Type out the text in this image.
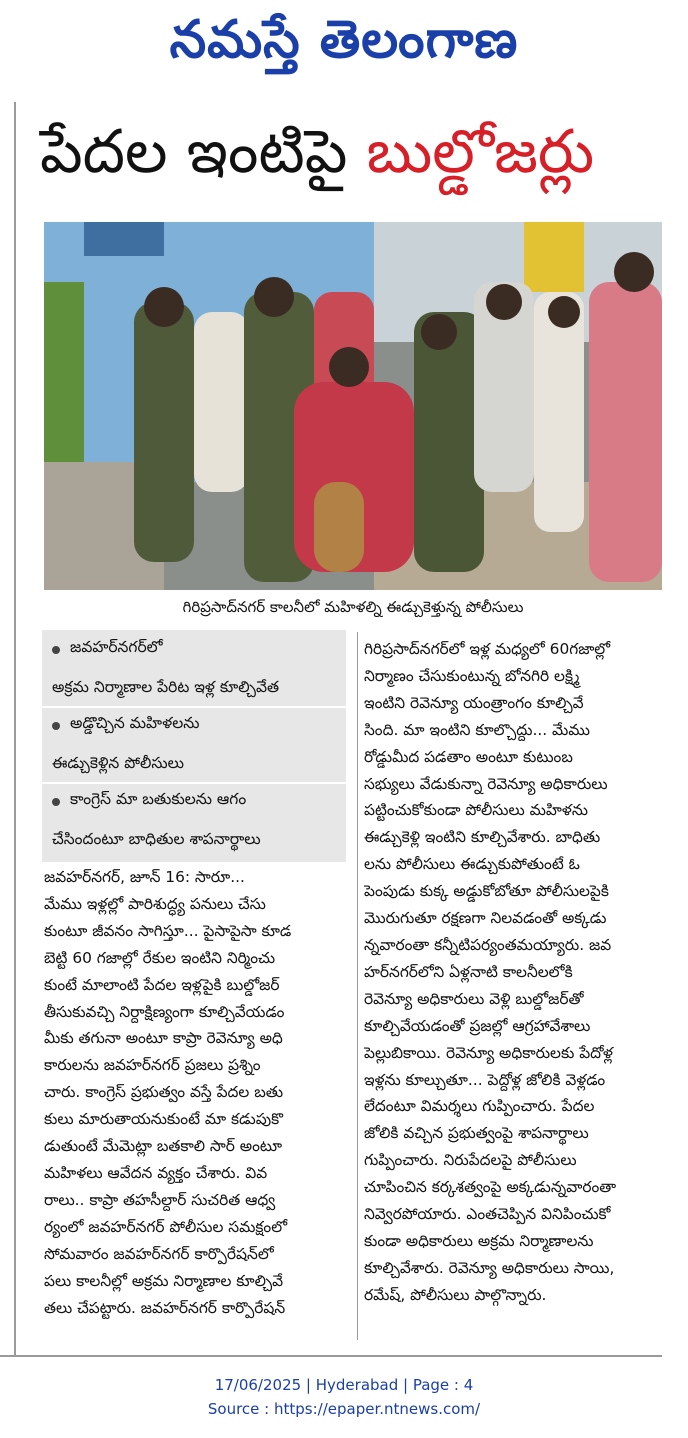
నమస్తే తెలంగాణ
పేదల ఇంటిపై బుల్డోజర్లు
గిరిప్రసాద్‌నగర్ కాలనీలో మహిళల్ని ఈడ్చుకెళ్తున్న పోలీసులు
జవహర్‌నగర్‌లో
అక్రమ నిర్మాణాల పేరిట ఇళ్ల కూల్చివేత
అడ్డొచ్చిన మహిళలను
ఈడ్చుకెళ్లిన పోలీసులు
కాంగ్రెస్ మా బతుకులను ఆగం
చేసిందంటూ బాధితుల శాపనార్థాలు

జవహర్‌నగర్, జూన్ 16: సారూ...

మేము ఇళ్లల్లో పారిశుద్ధ్య పనులు చేసు

కుంటూ జీవనం సాగిస్తూ... పైసాపైసా కూడ

బెట్టి 60 గజాల్లో రేకుల ఇంటిని నిర్మించు

కుంటే మాలాంటి పేదల ఇళ్లపైకి బుల్డోజర్

తీసుకువచ్చి నిర్దాక్షిణ్యంగా కూల్చివేయడం

మీకు తగునా అంటూ కాప్రా రెవెన్యూ అధి

కారులను జవహర్‌నగర్ ప్రజలు ప్రశ్నిం

చారు. కాంగ్రెస్ ప్రభుత్వం వస్తే పేదల బతు

కులు మారుతాయనుకుంటే మా కడుపుకొ

డుతుంటే మేమెట్లా బతకాలి సార్ అంటూ

మహిళలు ఆవేదన వ్యక్తం చేశారు. వివ

రాలు.. కాప్రా తహసీల్దార్ సుచరిత ఆధ్వ

ర్యంలో జవహర్‌నగర్ పోలీసుల సమక్షంలో

సోమవారం జవహర్‌నగర్ కార్పొరేషన్‌లో

పలు కాలనీల్లో అక్రమ నిర్మాణాల కూల్చివే

తలు చేపట్టారు. జవహర్‌నగర్ కార్పొరేషన్

గిరిప్రసాద్‌నగర్‌లో ఇళ్ల మధ్యలో 60గజాల్లో

నిర్మాణం చేసుకుంటున్న బోనగిరి లక్ష్మి

ఇంటిని రెవెన్యూ యంత్రాంగం కూల్చివే

సింది. మా ఇంటిని కూల్చొద్దు... మేము

రోడ్డుమీద పడతాం అంటూ కుటుంబ

సభ్యులు వేడుకున్నా రెవెన్యూ అధికారులు

పట్టించుకోకుండా పోలీసులు మహిళను

ఈడ్చుకెళ్లి ఇంటిని కూల్చివేశారు. బాధితు

లను పోలీసులు ఈడ్చుకుపోతుంటే ఓ

పెంపుడు కుక్క అడ్డుకోబోతూ పోలీసులపైకి

మొరుగుతూ రక్షణగా నిలవడంతో అక్కడు

న్నవారంతా కన్నీటిపర్యంతమయ్యారు. జవ

హర్‌నగర్‌లోని ఏళ్లనాటి కాలనీలలోకి

రెవెన్యూ అధికారులు వెళ్లి బుల్డోజర్‌తో

కూల్చివేయడంతో ప్రజల్లో ఆగ్రహావేశాలు

పెల్లుబికాయి. రెవెన్యూ అధికారులకు పేదోళ్ల

ఇళ్లను కూల్చుతూ... పెద్దోళ్ల జోలికి వెళ్లడం

లేదంటూ విమర్శలు గుప్పించారు. పేదల

జోలికి వచ్చిన ప్రభుత్వంపై శాపనార్థాలు

గుప్పించారు. నిరుపేదలపై పోలీసులు

చూపించిన కర్కశత్వంపై అక్కడున్నవారంతా

నివ్వెరపోయారు. ఎంతచెప్పిన వినిపించుకో

కుండా అధికారులు అక్రమ నిర్మాణాలను

కూల్చివేశారు. రెవెన్యూ అధికారులు సాయి,

రమేష్, పోలీసులు పాల్గొన్నారు.

17/06/2025 | Hyderabad | Page : 4
Source : https://epaper.ntnews.com/
